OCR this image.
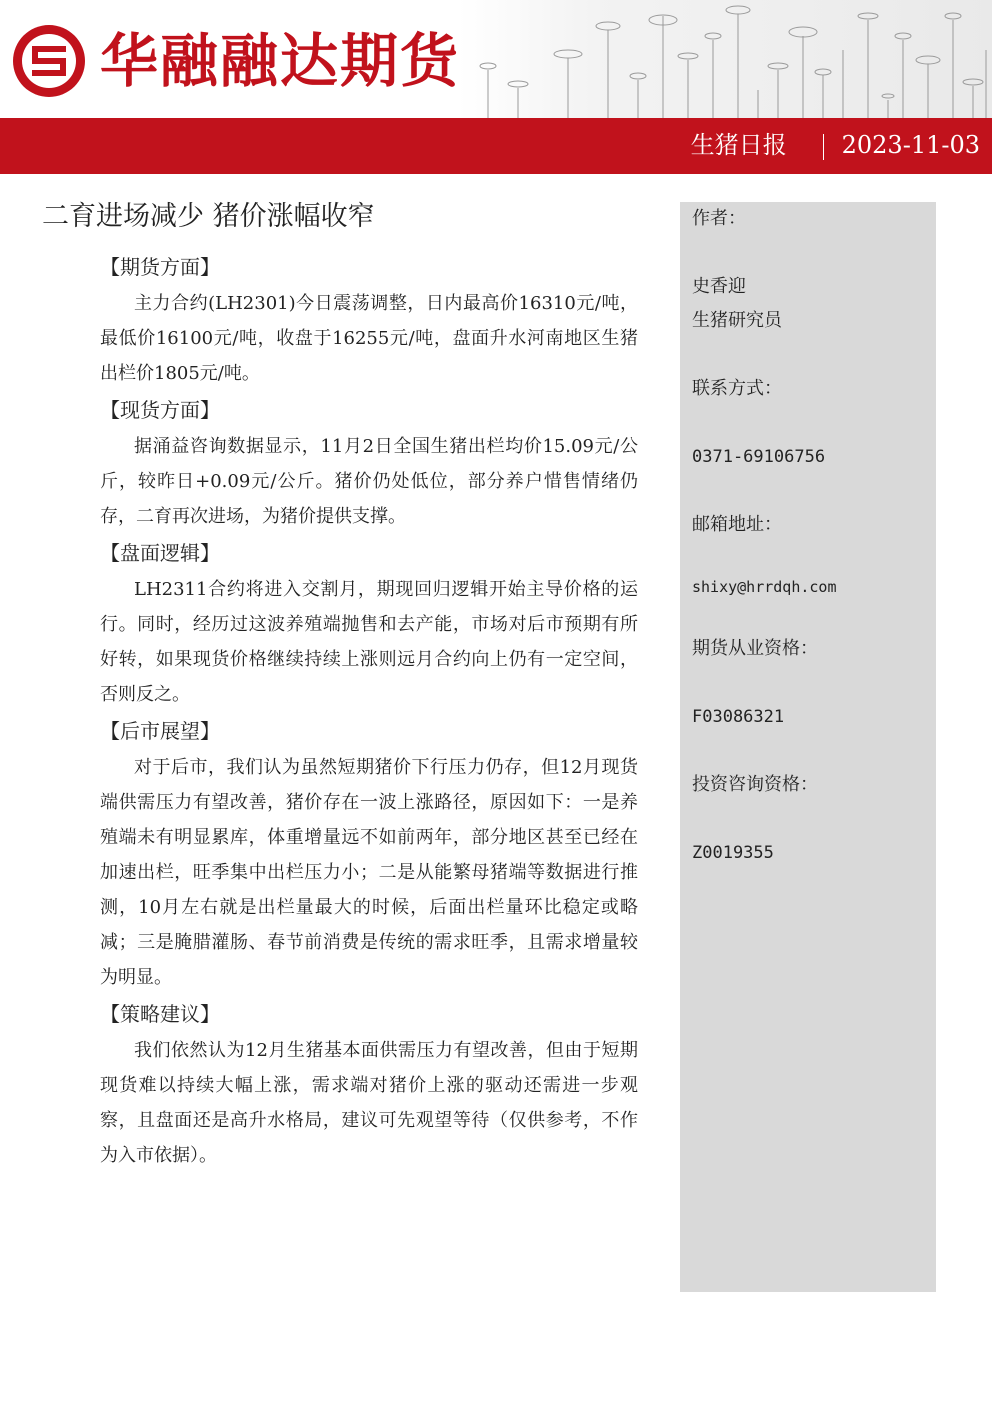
华融融达期货
生猪日报 2023-11-03
二育进场减少 猪价涨幅收窄
【期货方面】

主力合约(LH2301)今日震荡调整，日内最高价16310元/吨，最低价16100元/吨，收盘于16255元/吨，盘面升水河南地区生猪出栏价1805元/吨。

【现货方面】

据涌益咨询数据显示，11月2日全国生猪出栏均价15.09元/公斤，较昨日+0.09元/公斤。猪价仍处低位，部分养户惜售情绪仍存，二育再次进场，为猪价提供支撑。

【盘面逻辑】

LH2311合约将进入交割月，期现回归逻辑开始主导价格的运行。同时，经历过这波养殖端抛售和去产能，市场对后市预期有所好转，如果现货价格继续持续上涨则远月合约向上仍有一定空间，否则反之。

【后市展望】

对于后市，我们认为虽然短期猪价下行压力仍存，但12月现货端供需压力有望改善，猪价存在一波上涨路径，原因如下：一是养殖端未有明显累库，体重增量远不如前两年，部分地区甚至已经在加速出栏，旺季集中出栏压力小；二是从能繁母猪端等数据进行推测，10月左右就是出栏量最大的时候，后面出栏量环比稳定或略减；三是腌腊灌肠、春节前消费是传统的需求旺季，且需求增量较为明显。

【策略建议】

我们依然认为12月生猪基本面供需压力有望改善，但由于短期现货难以持续大幅上涨，需求端对猪价上涨的驱动还需进一步观察，且盘面还是高升水格局，建议可先观望等待（仅供参考，不作为入市依据）。

作者：
史香迎
生猪研究员
联系方式：
0371-69106756
邮箱地址：
shixy@hrrdqh.com
期货从业资格：
F03086321
投资咨询资格：
Z0019355
